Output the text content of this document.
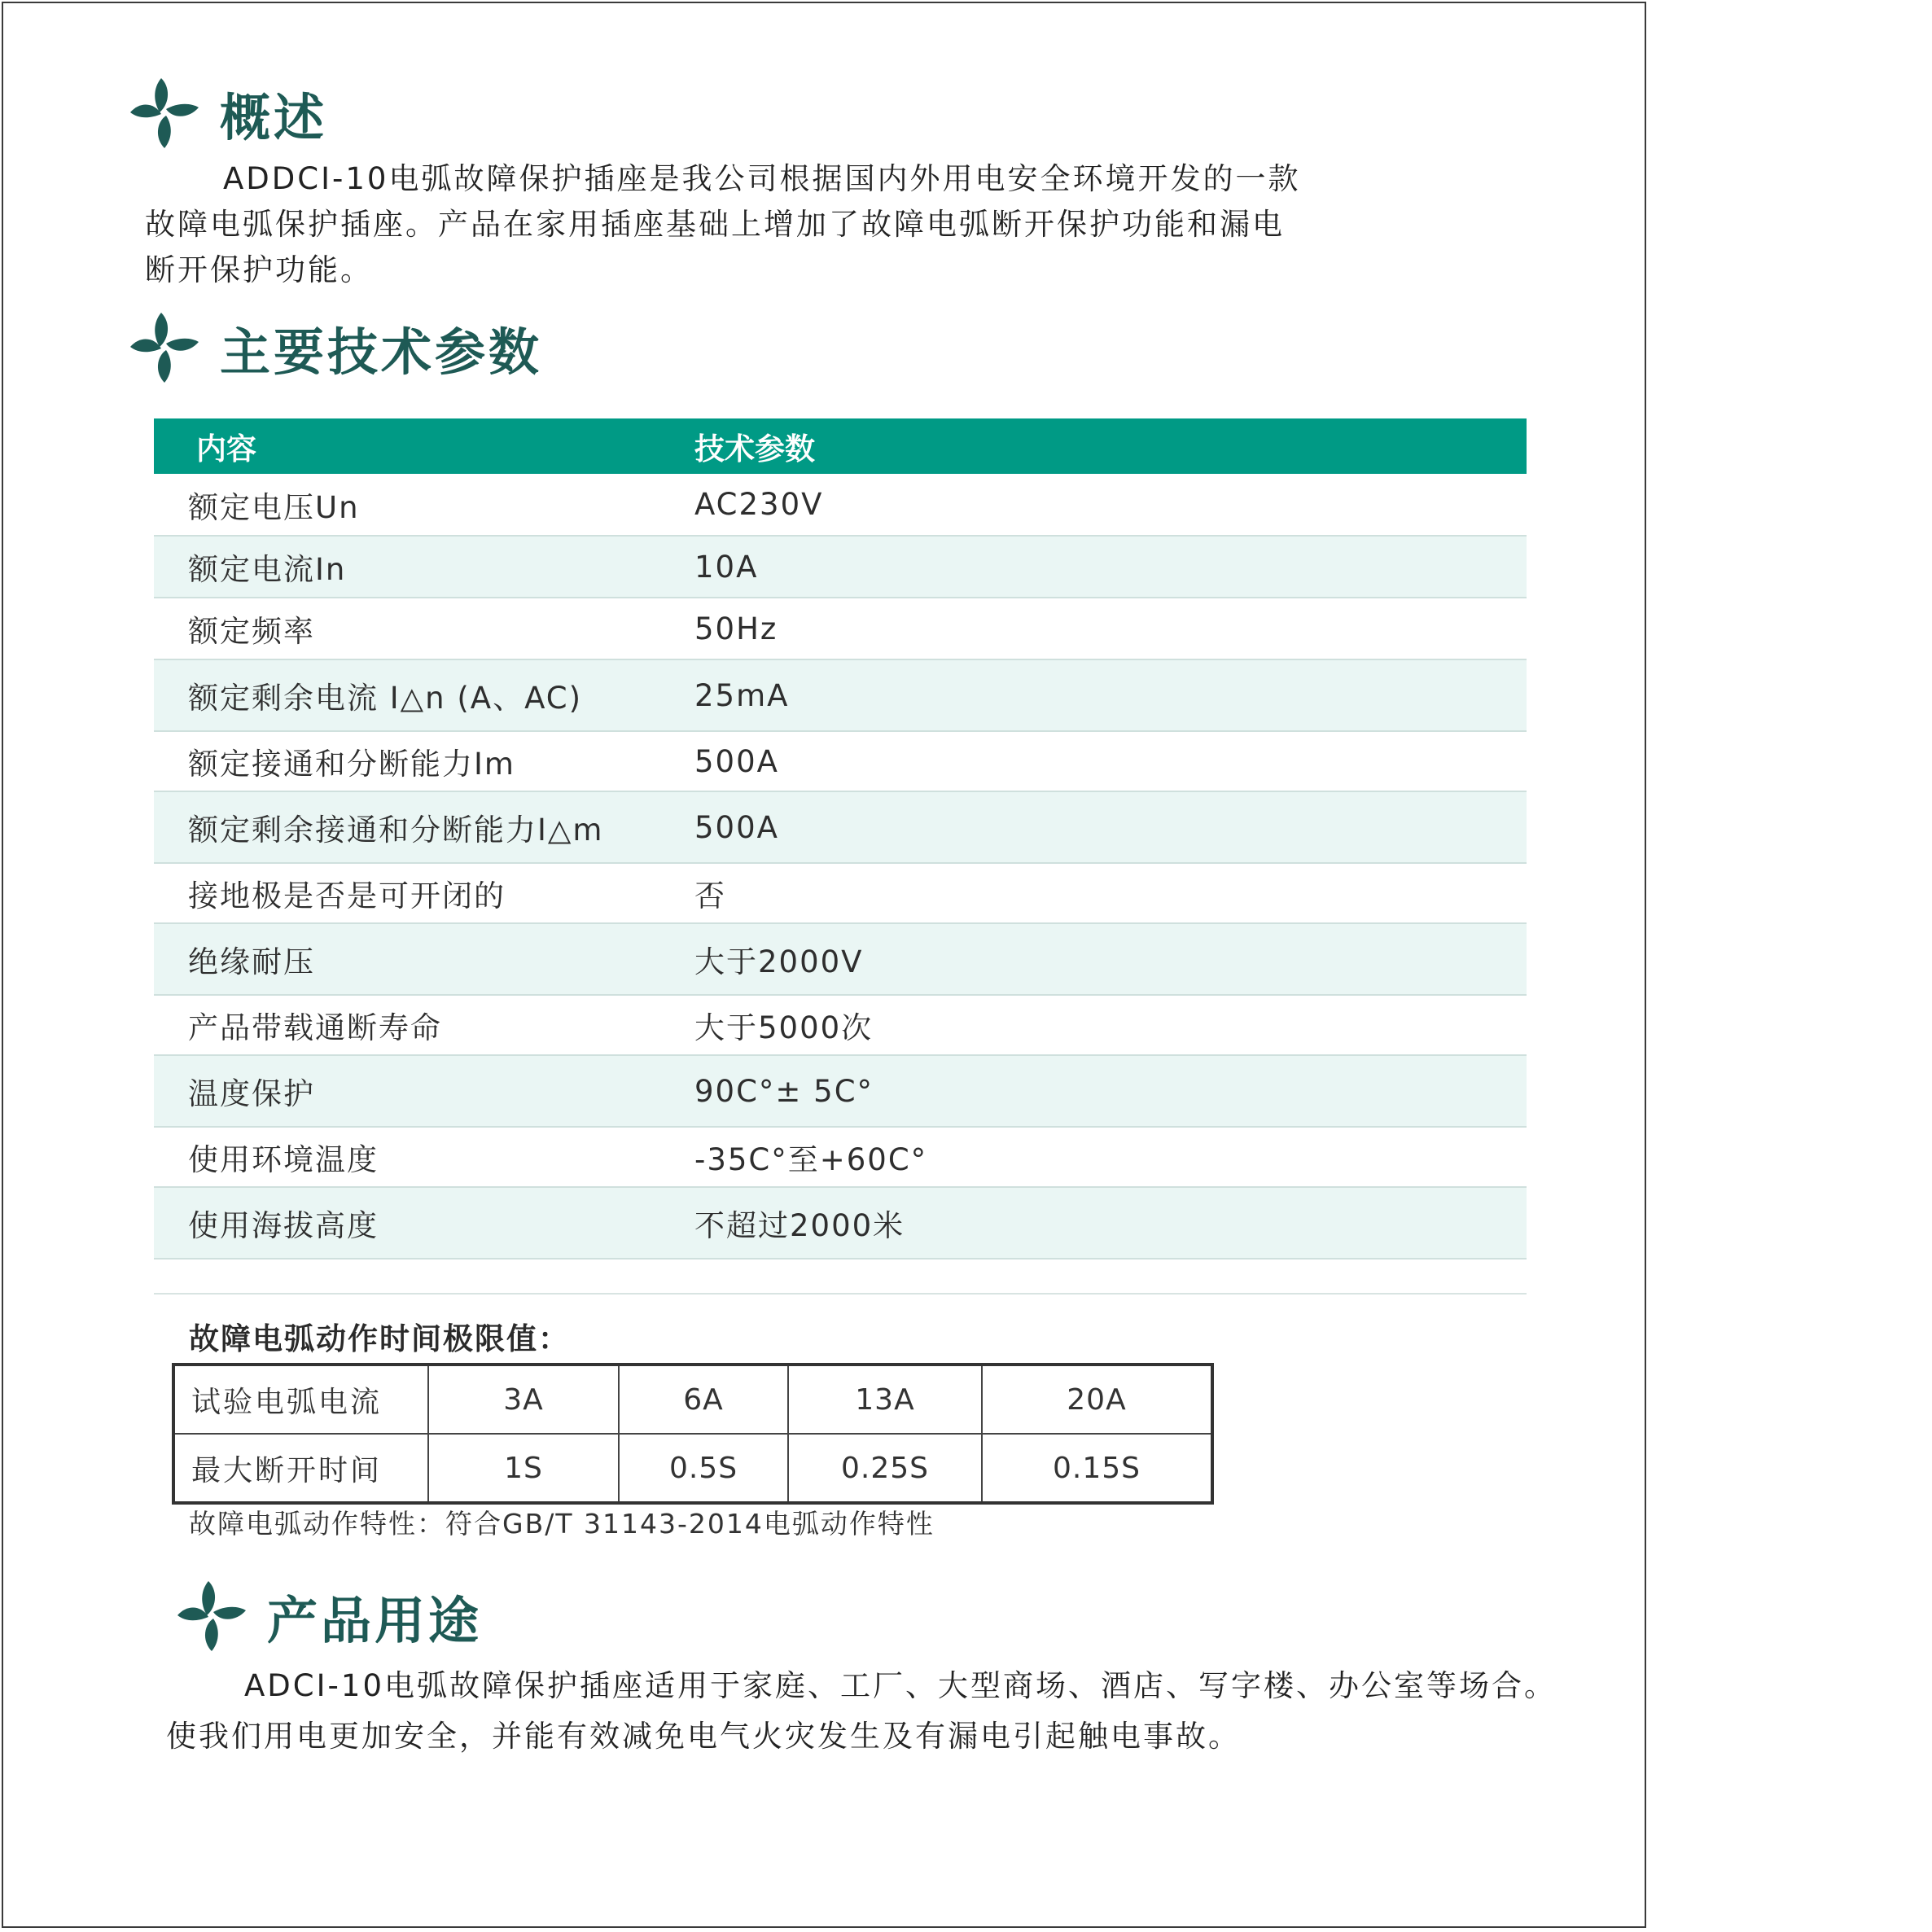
概述
ADDCI-10电弧故障保护插座是我公司根据国内外用电安全环境开发的一款
故障电弧保护插座。产品在家用插座基础上增加了故障电弧断开保护功能和漏电
断开保护功能。
主要技术参数
内容	技术参数
额定电压Un	AC230V
额定电流In	10A
额定频率	50Hz
额定剩余电流 I△n (A、AC)	25mA
额定接通和分断能力Im	500A
额定剩余接通和分断能力I△m	500A
接地极是否是可开闭的	否
绝缘耐压	大于2000V
产品带载通断寿命	大于5000次
温度保护	90C°± 5C°
使用环境温度	-35C°至+60C°
使用海拔高度	不超过2000米
故障电弧动作时间极限值：
试验电弧电流	3A	6A	13A	20A
最大断开时间	1S	0.5S	0.25S	0.15S
故障电弧动作特性：符合GB/T 31143-2014电弧动作特性
产品用途
ADCI-10电弧故障保护插座适用于家庭、工厂、大型商场、酒店、写字楼、办公室等场合。
使我们用电更加安全，并能有效减免电气火灾发生及有漏电引起触电事故。
